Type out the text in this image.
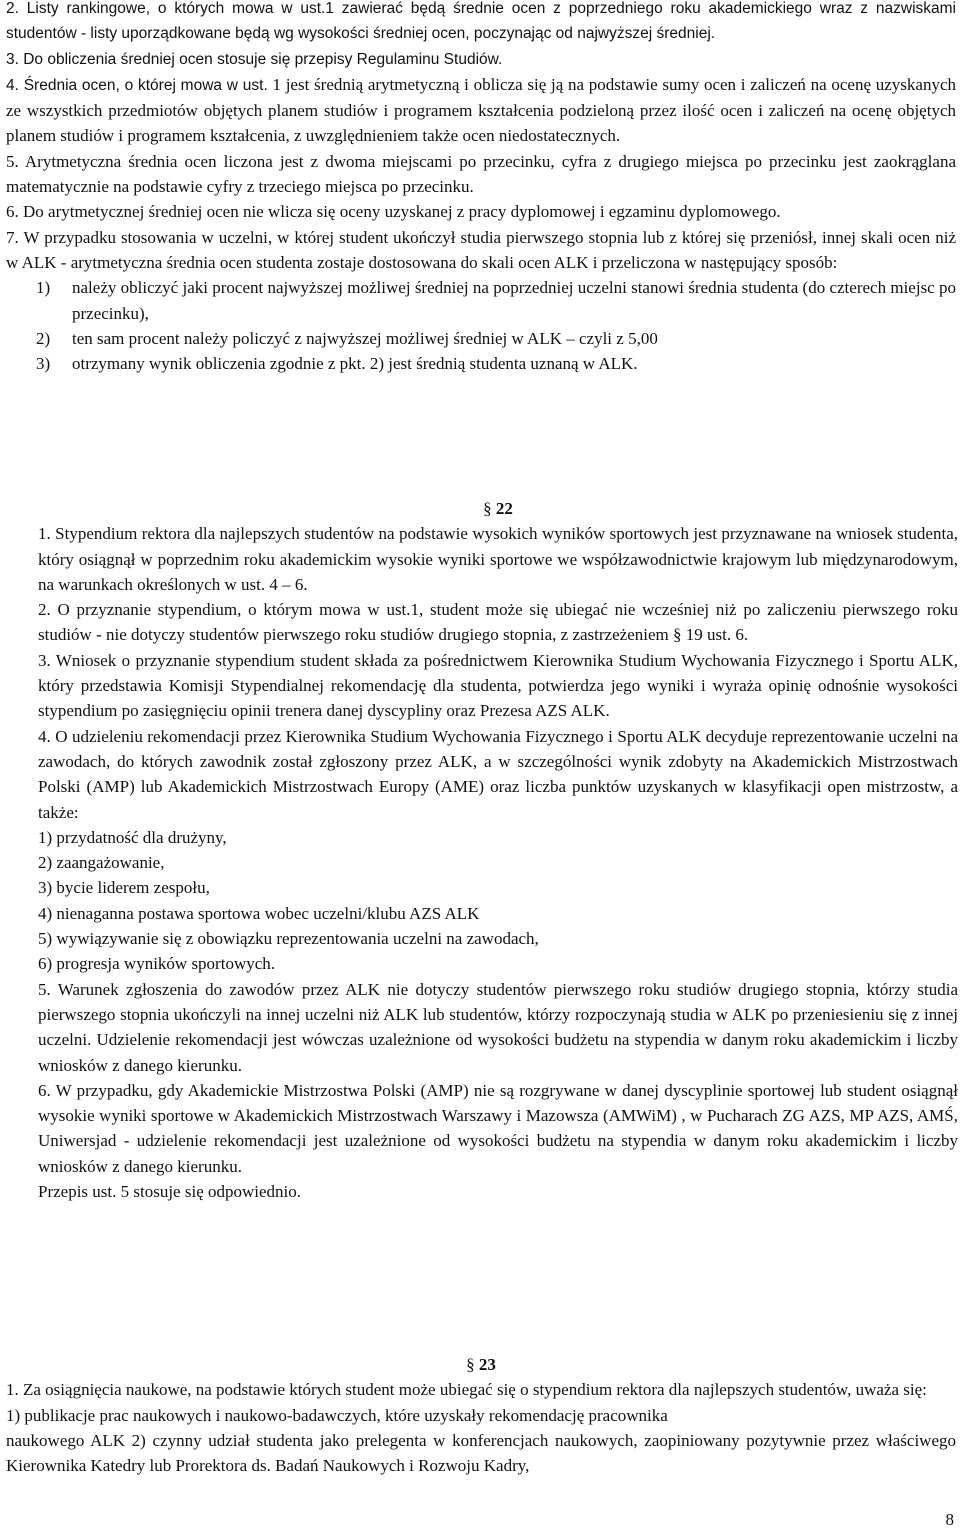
2. Listy rankingowe, o których mowa w ust.1 zawierać będą średnie ocen z poprzedniego roku akademickiego wraz z nazwiskami studentów - listy uporządkowane będą wg wysokości średniej ocen, poczynając od najwyższej średniej.

3. Do obliczenia średniej ocen stosuje się przepisy Regulaminu Studiów.

4. Średnia ocen, o której mowa w ust. 1 jest średnią arytmetyczną i oblicza się ją na podstawie sumy ocen i zaliczeń na ocenę uzyskanych ze wszystkich przedmiotów objętych planem studiów i programem kształcenia podzieloną przez ilość ocen i zaliczeń na ocenę objętych planem studiów i programem kształcenia, z uwzględnieniem także ocen niedostatecznych.

5. Arytmetyczna średnia ocen liczona jest z dwoma miejscami po przecinku, cyfra z drugiego miejsca po przecinku jest zaokrąglana matematycznie na podstawie cyfry z trzeciego miejsca po przecinku.

6. Do arytmetycznej średniej ocen nie wlicza się oceny uzyskanej z pracy dyplomowej i egzaminu dyplomowego.

7. W przypadku stosowania w uczelni, w której student ukończył studia pierwszego stopnia lub z której się przeniósł, innej skali ocen niż w ALK - arytmetyczna średnia ocen studenta zostaje dostosowana do skali ocen ALK i przeliczona w następujący sposób:

1)	należy obliczyć jaki procent najwyższej możliwej średniej na poprzedniej uczelni stanowi średnia studenta (do czterech miejsc po przecinku),
2)	ten sam procent należy policzyć z najwyższej możliwej średniej w ALK – czyli z 5,00
3)	otrzymany wynik obliczenia zgodnie z pkt. 2) jest średnią studenta uznaną w ALK.

§ 22

1. Stypendium rektora dla najlepszych studentów na podstawie wysokich wyników sportowych jest przyznawane na wniosek studenta, który osiągnął w poprzednim roku akademickim wysokie wyniki sportowe we współzawodnictwie krajowym lub międzynarodowym, na warunkach określonych w ust. 4 – 6.

2. O przyznanie stypendium, o którym mowa w ust.1, student może się ubiegać nie wcześniej niż po zaliczeniu pierwszego roku studiów - nie dotyczy studentów pierwszego roku studiów drugiego stopnia, z zastrzeżeniem § 19 ust. 6.

3. Wniosek o przyznanie stypendium student składa za pośrednictwem Kierownika Studium Wychowania Fizycznego i Sportu ALK, który przedstawia Komisji Stypendialnej rekomendację dla studenta, potwierdza jego wyniki i wyraża opinię odnośnie wysokości stypendium po zasięgnięciu opinii trenera danej dyscypliny oraz Prezesa AZS ALK.

4. O udzieleniu rekomendacji przez Kierownika Studium Wychowania Fizycznego i Sportu ALK decyduje reprezentowanie uczelni na zawodach, do których zawodnik został zgłoszony przez ALK, a w szczególności wynik zdobyty na Akademickich Mistrzostwach Polski (AMP) lub Akademickich Mistrzostwach Europy (AME) oraz liczba punktów uzyskanych w klasyfikacji open mistrzostw, a także:

1) przydatność dla drużyny,

2) zaangażowanie,

3) bycie liderem zespołu,

4) nienaganna postawa sportowa wobec uczelni/klubu AZS ALK

5) wywiązywanie się z obowiązku reprezentowania uczelni na zawodach,

6) progresja wyników sportowych.

5. Warunek zgłoszenia do zawodów przez ALK nie dotyczy studentów pierwszego roku studiów drugiego stopnia, którzy studia pierwszego stopnia ukończyli na innej uczelni niż ALK lub studentów, którzy rozpoczynają studia w ALK po przeniesieniu się z innej uczelni. Udzielenie rekomendacji jest wówczas uzależnione od wysokości budżetu na stypendia w danym roku akademickim i liczby wniosków z danego kierunku.

6. W przypadku, gdy Akademickie Mistrzostwa Polski (AMP) nie są rozgrywane w danej dyscyplinie sportowej lub student osiągnął wysokie wyniki sportowe w Akademickich Mistrzostwach Warszawy i Mazowsza (AMWiM) , w Pucharach ZG AZS, MP AZS, AMŚ, Uniwersjad - udzielenie rekomendacji jest uzależnione od wysokości budżetu na stypendia w danym roku akademickim i liczby wniosków z danego kierunku.

Przepis ust. 5 stosuje się odpowiednio.

§ 23

1. Za osiągnięcia naukowe, na podstawie których student może ubiegać się o stypendium rektora dla najlepszych studentów, uważa się:

1) publikacje prac naukowych i naukowo-badawczych, które uzyskały rekomendację pracownika

naukowego ALK 2) czynny udział studenta jako prelegenta w konferencjach naukowych, zaopiniowany pozytywnie przez właściwego Kierownika Katedry lub Prorektora ds. Badań Naukowych i Rozwoju Kadry,

8
